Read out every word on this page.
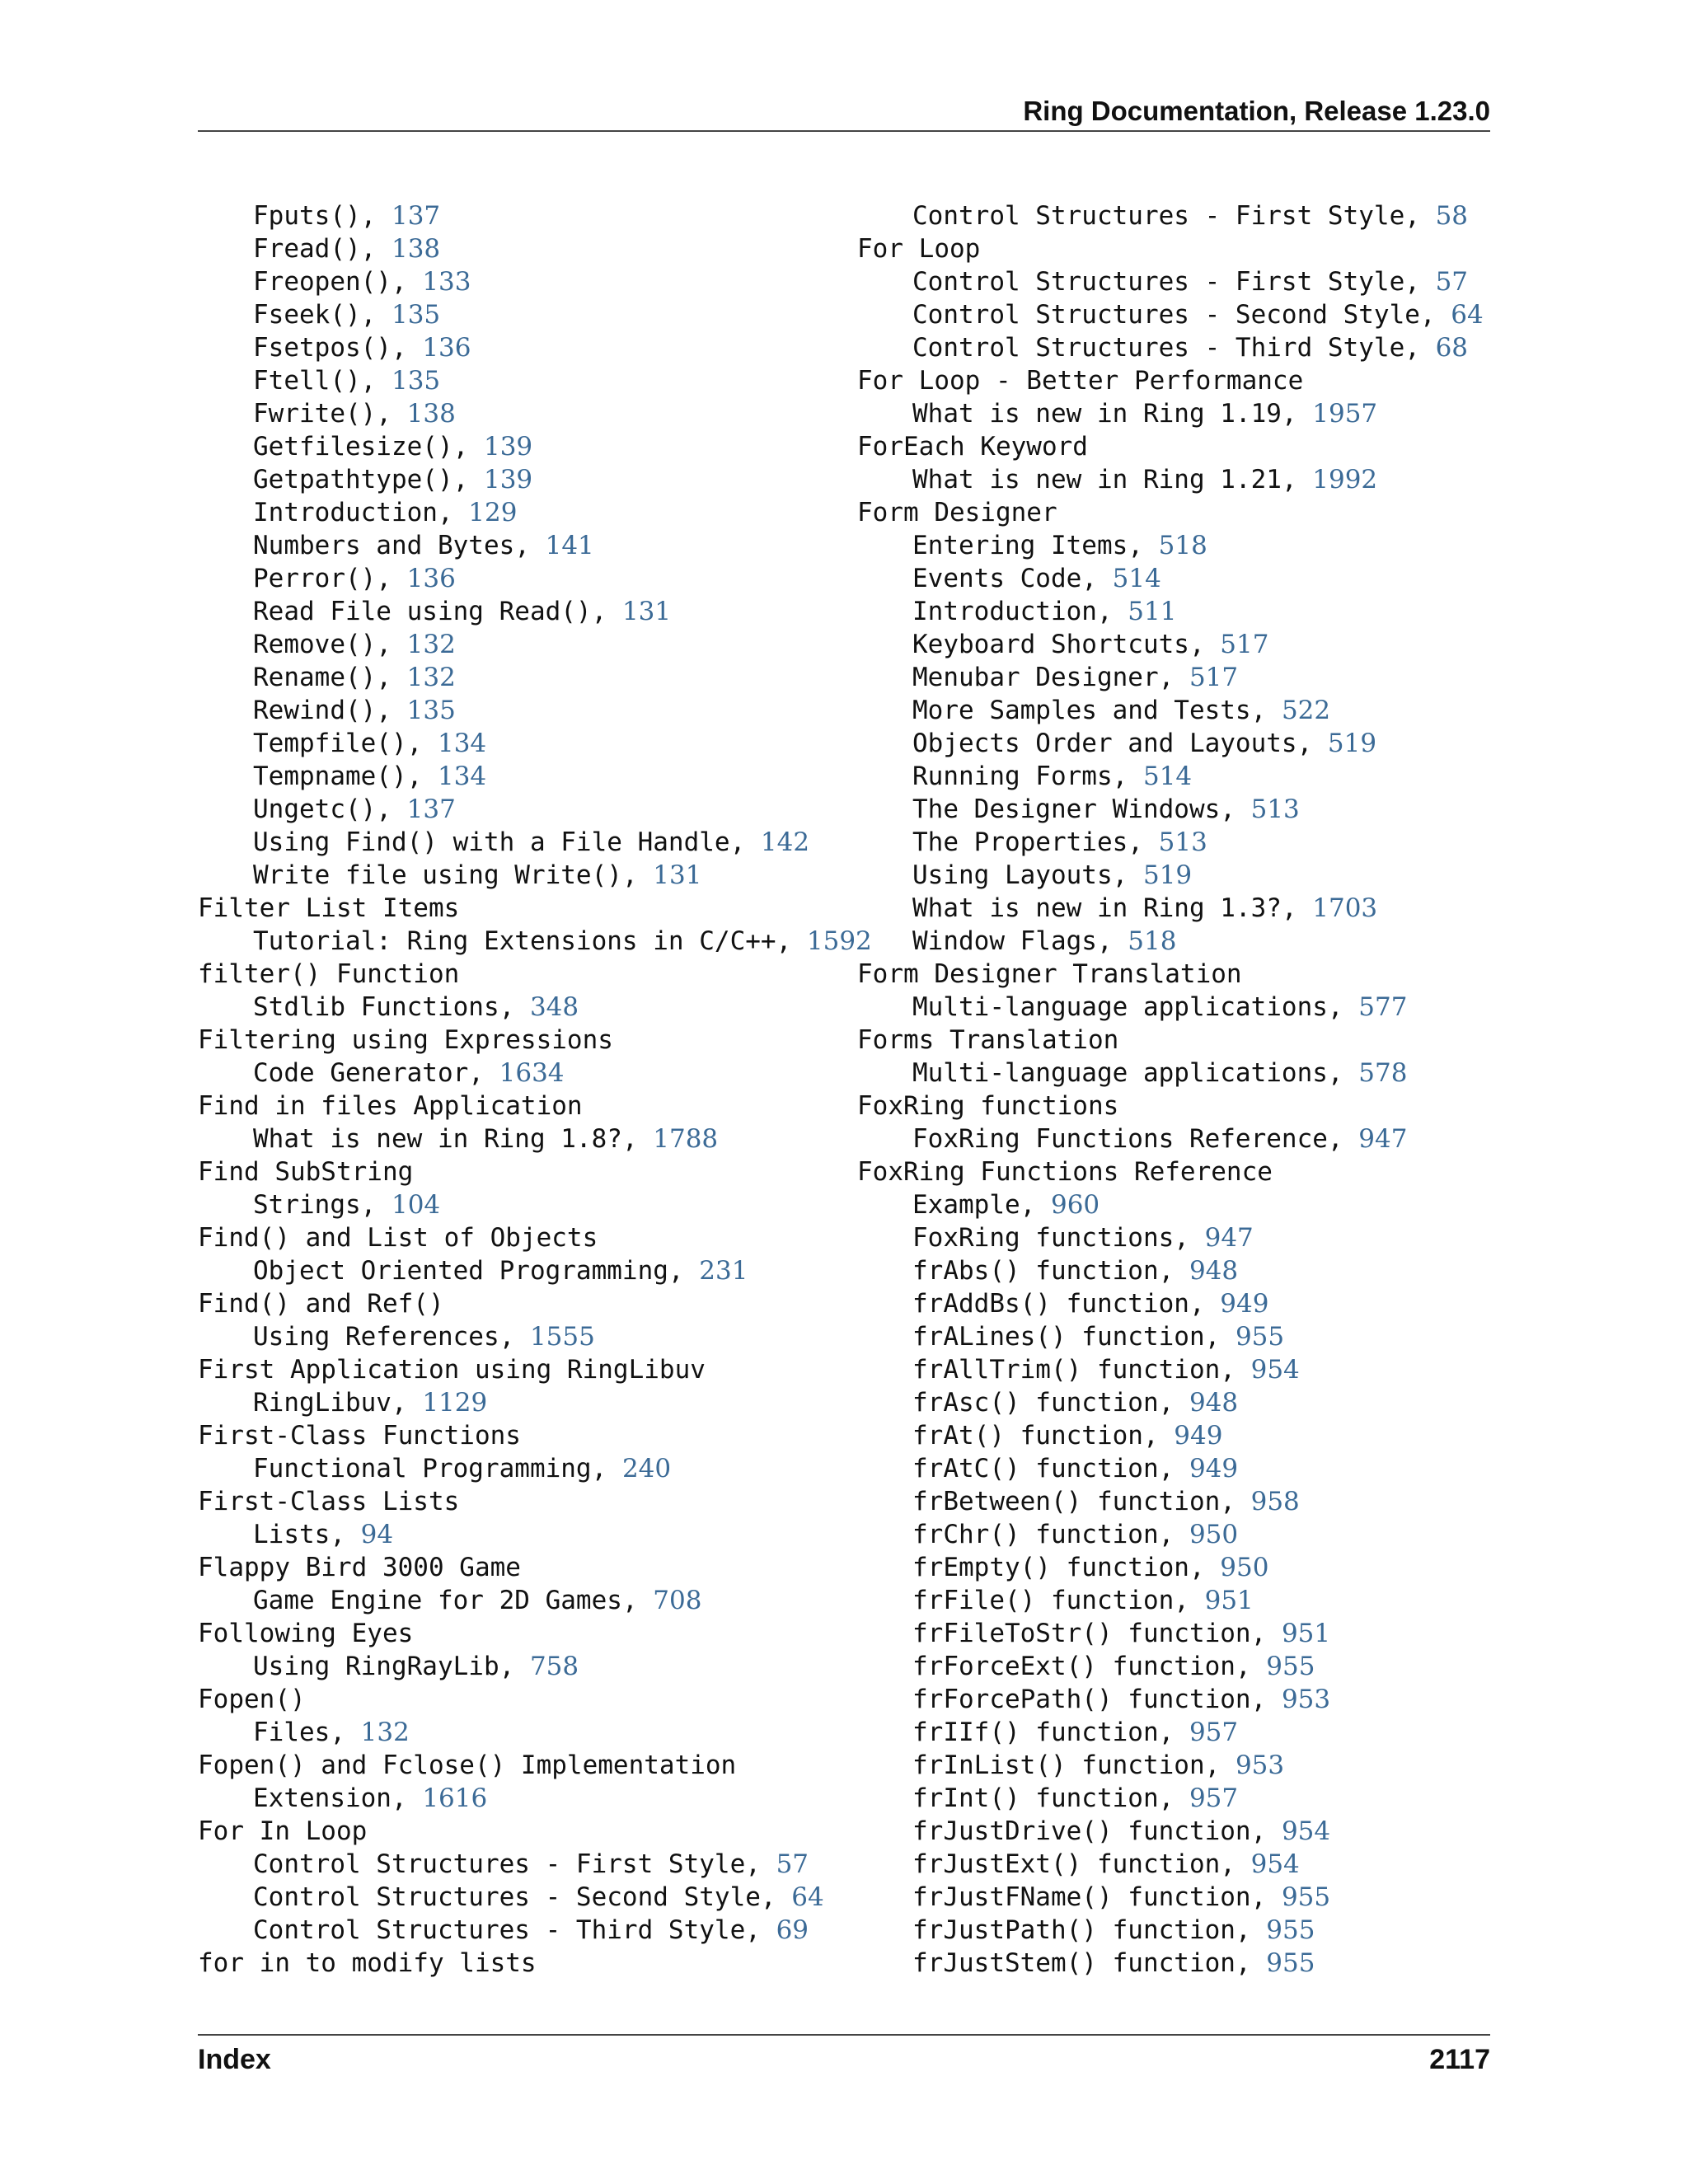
Ring Documentation, Release 1.23.0
Fputs(), 137
Fread(), 138
Freopen(), 133
Fseek(), 135
Fsetpos(), 136
Ftell(), 135
Fwrite(), 138
Getfilesize(), 139
Getpathtype(), 139
Introduction, 129
Numbers and Bytes, 141
Perror(), 136
Read File using Read(), 131
Remove(), 132
Rename(), 132
Rewind(), 135
Tempfile(), 134
Tempname(), 134
Ungetc(), 137
Using Find() with a File Handle, 142
Write file using Write(), 131
Filter List Items
Tutorial: Ring Extensions in C/C++, 1592
filter() Function
Stdlib Functions, 348
Filtering using Expressions
Code Generator, 1634
Find in files Application
What is new in Ring 1.8?, 1788
Find SubString
Strings, 104
Find() and List of Objects
Object Oriented Programming, 231
Find() and Ref()
Using References, 1555
First Application using RingLibuv
RingLibuv, 1129
First-Class Functions
Functional Programming, 240
First-Class Lists
Lists, 94
Flappy Bird 3000 Game
Game Engine for 2D Games, 708
Following Eyes
Using RingRayLib, 758
Fopen()
Files, 132
Fopen() and Fclose() Implementation
Extension, 1616
For In Loop
Control Structures - First Style, 57
Control Structures - Second Style, 64
Control Structures - Third Style, 69
for in to modify lists
Control Structures - First Style, 58
For Loop
Control Structures - First Style, 57
Control Structures - Second Style, 64
Control Structures - Third Style, 68
For Loop - Better Performance
What is new in Ring 1.19, 1957
ForEach Keyword
What is new in Ring 1.21, 1992
Form Designer
Entering Items, 518
Events Code, 514
Introduction, 511
Keyboard Shortcuts, 517
Menubar Designer, 517
More Samples and Tests, 522
Objects Order and Layouts, 519
Running Forms, 514
The Designer Windows, 513
The Properties, 513
Using Layouts, 519
What is new in Ring 1.3?, 1703
Window Flags, 518
Form Designer Translation
Multi-language applications, 577
Forms Translation
Multi-language applications, 578
FoxRing functions
FoxRing Functions Reference, 947
FoxRing Functions Reference
Example, 960
FoxRing functions, 947
frAbs() function, 948
frAddBs() function, 949
frALines() function, 955
frAllTrim() function, 954
frAsc() function, 948
frAt() function, 949
frAtC() function, 949
frBetween() function, 958
frChr() function, 950
frEmpty() function, 950
frFile() function, 951
frFileToStr() function, 951
frForceExt() function, 955
frForcePath() function, 953
frIIf() function, 957
frInList() function, 953
frInt() function, 957
frJustDrive() function, 954
frJustExt() function, 954
frJustFName() function, 955
frJustPath() function, 955
frJustStem() function, 955
Index	2117
